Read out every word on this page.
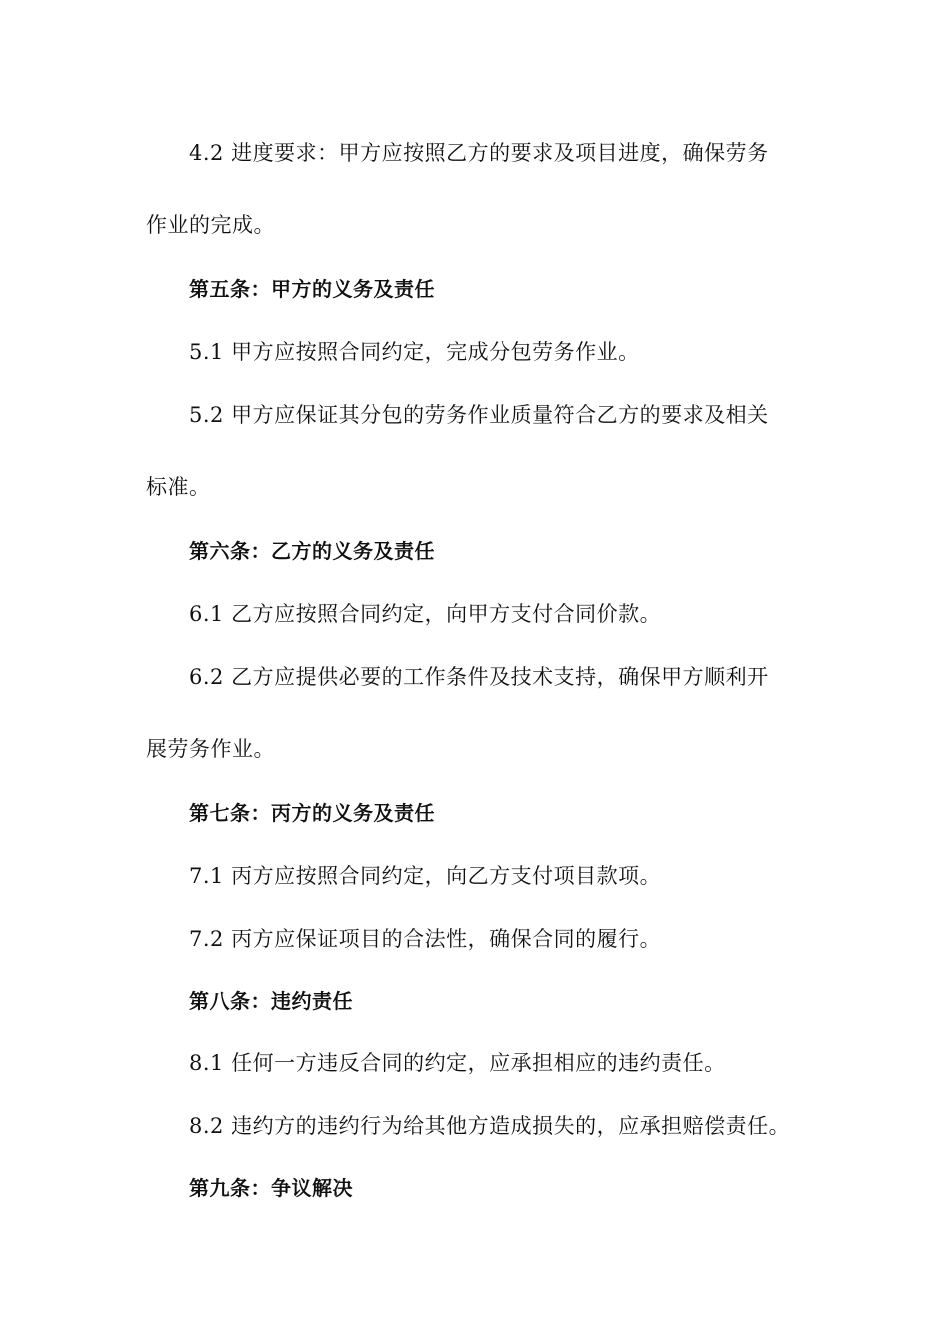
4.2 进度要求：甲方应按照乙方的要求及项目进度，确保劳务
作业的完成。
第五条：甲方的义务及责任
5.1 甲方应按照合同约定，完成分包劳务作业。
5.2 甲方应保证其分包的劳务作业质量符合乙方的要求及相关
标准。
第六条：乙方的义务及责任
6.1 乙方应按照合同约定，向甲方支付合同价款。
6.2 乙方应提供必要的工作条件及技术支持，确保甲方顺利开
展劳务作业。
第七条：丙方的义务及责任
7.1 丙方应按照合同约定，向乙方支付项目款项。
7.2 丙方应保证项目的合法性，确保合同的履行。
第八条：违约责任
8.1 任何一方违反合同的约定，应承担相应的违约责任。
8.2 违约方的违约行为给其他方造成损失的，应承担赔偿责任。
第九条：争议解决
